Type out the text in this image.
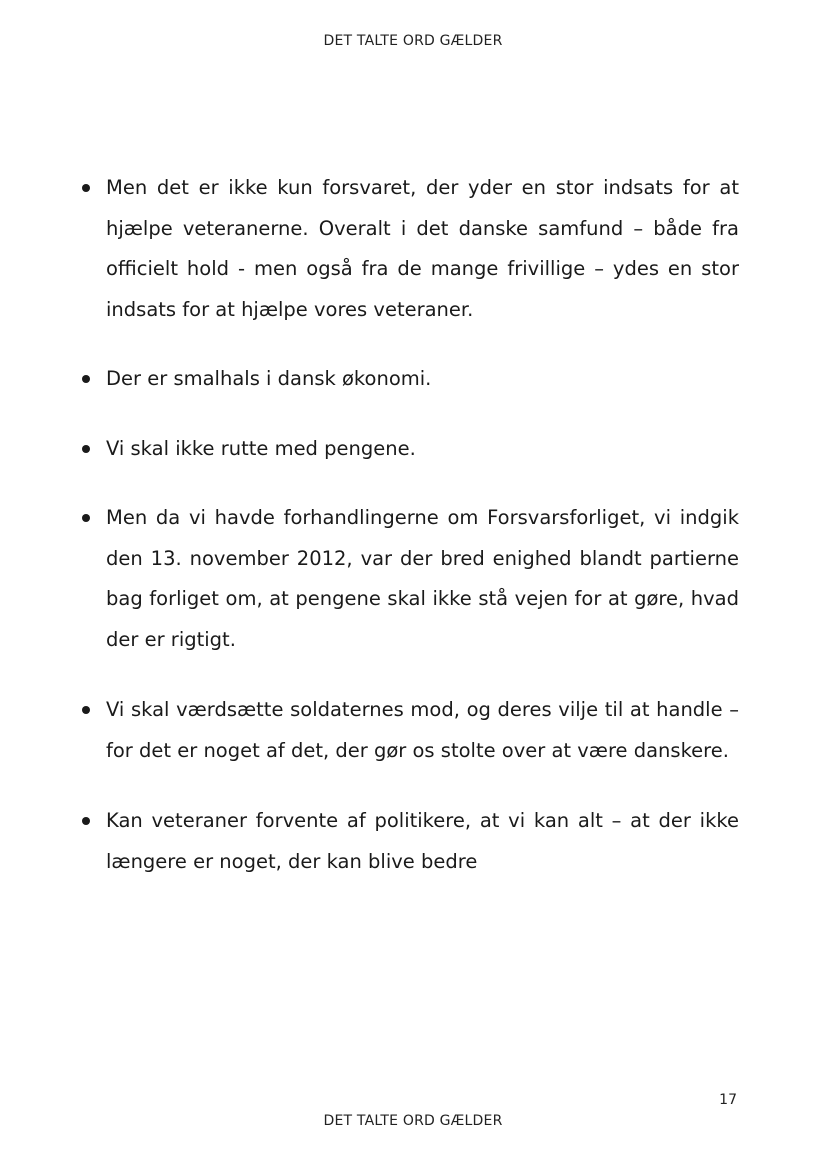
DET TALTE ORD GÆLDER
Men det er ikke kun forsvaret, der yder en stor indsats for at hjælpe veteranerne. Overalt i det danske samfund – både fra officielt hold - men også fra de mange frivillige – ydes en stor indsats for at hjælpe vores veteraner.
Der er smalhals i dansk økonomi.
Vi skal ikke rutte med pengene.
Men da vi havde forhandlingerne om Forsvarsforliget, vi indgik den 13. november 2012, var der bred enighed blandt partierne bag forliget om, at pengene skal ikke stå vejen for at gøre, hvad der er rigtigt.
Vi skal værdsætte soldaternes mod, og deres vilje til at handle – for det er noget af det, der gør os stolte over at være danskere.
Kan veteraner forvente af politikere, at vi kan alt – at der ikke længere er noget, der kan blive bedre
17
DET TALTE ORD GÆLDER
